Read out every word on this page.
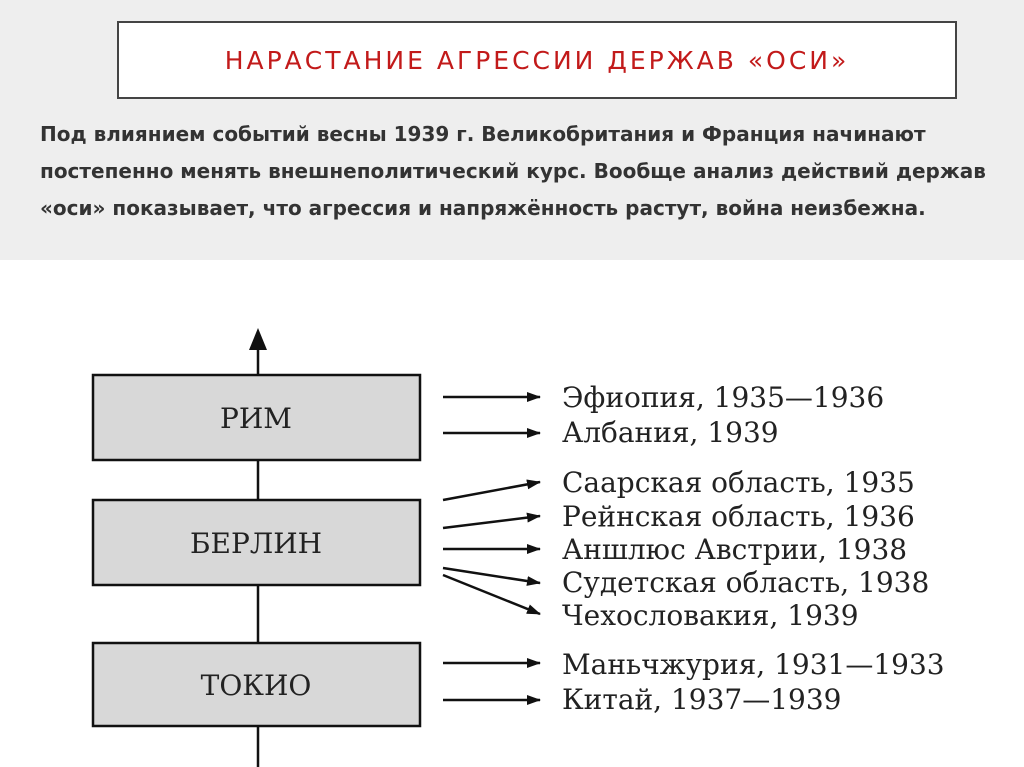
НАРАСТАНИЕ АГРЕССИИ ДЕРЖАВ «ОСИ»
Под влиянием событий весны 1939 г. Великобритания и Франция начинают постепенно менять внешнеполитический курс. Вообще анализ действий держав «оси» показывает, что агрессия и напряжённость растут, война неизбежна.
РИМ
БЕРЛИН
ТОКИО
Эфиопия, 1935—1936
Албания, 1939
Саарская область, 1935
Рейнская область, 1936
Аншлюс Австрии, 1938
Судетская область, 1938
Чехословакия, 1939
Маньчжурия, 1931—1933
Китай, 1937—1939
